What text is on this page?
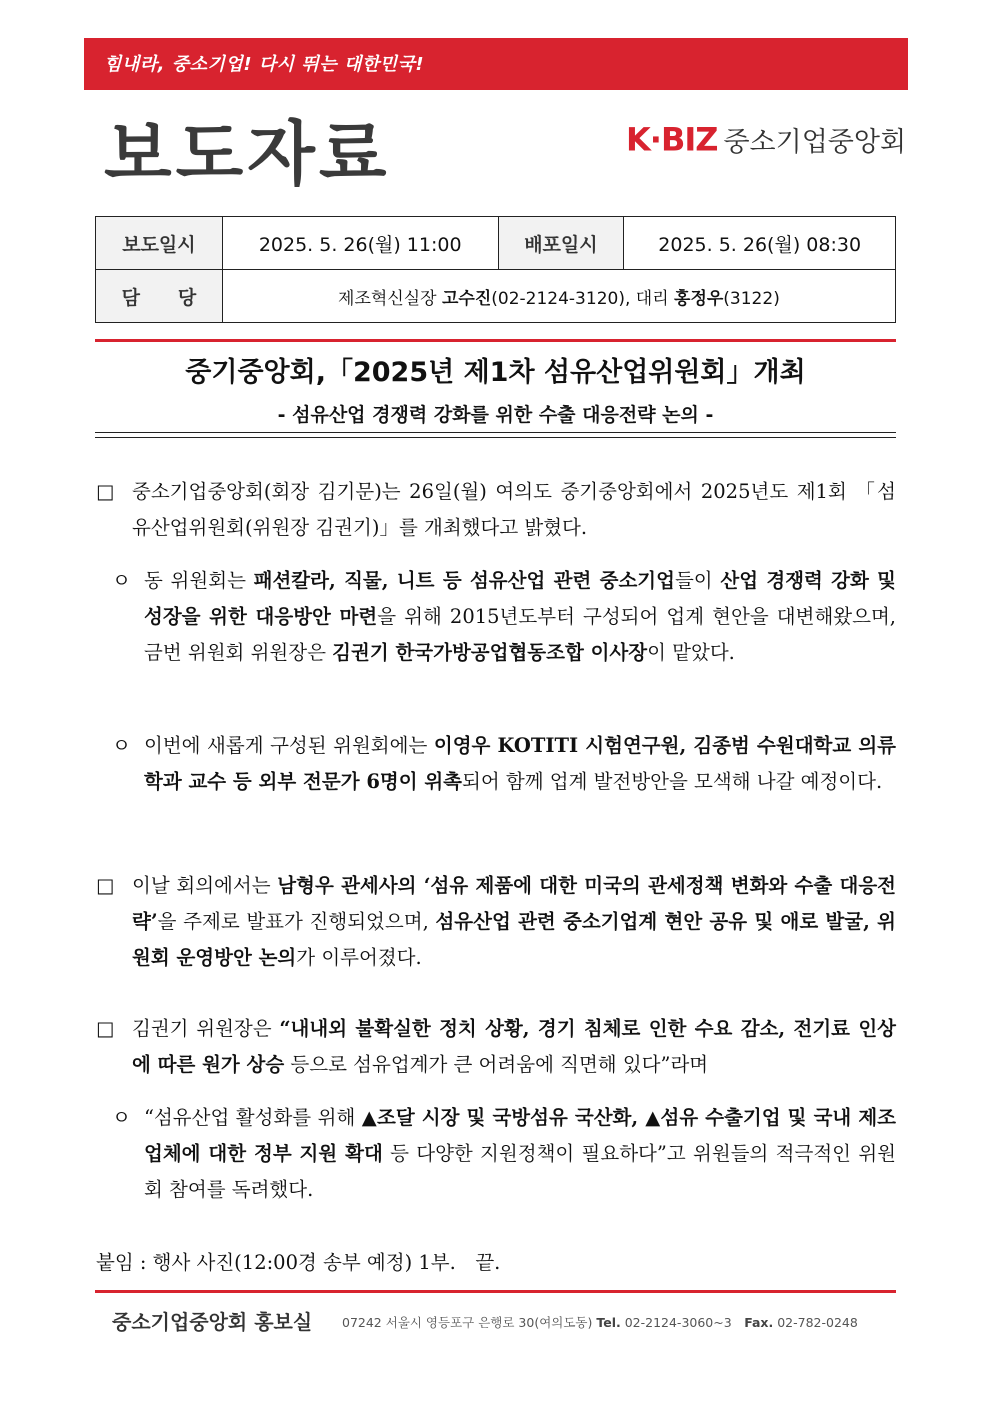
힘내라, 중소기업! 다시 뛰는 대한민국!
보도자료	K·BIZ 중소기업중앙회
보도일시	2025. 5. 26(월) 11:00	배포일시	2025. 5. 26(월) 08:30
담　　당	제조혁신실장 고수진(02-2124-3120), 대리 홍정우(3122)		
중기중앙회,「2025년 제1차 섬유산업위원회」개최
- 섬유산업 경쟁력 강화를 위한 수출 대응전략 논의 -
□ 중소기업중앙회(회장 김기문)는 26일(월) 여의도 중기중앙회에서 2025년도 제1회 「섬유산업위원회(위원장 김권기)」를 개최했다고 밝혔다.
ㅇ 동 위원회는 패션칼라, 직물, 니트 등 섬유산업 관련 중소기업들이 산업 경쟁력 강화 및 성장을 위한 대응방안 마련을 위해 2015년도부터 구성되어 업계 현안을 대변해왔으며, 금번 위원회 위원장은 김권기 한국가방공업협동조합 이사장이 맡았다.
ㅇ 이번에 새롭게 구성된 위원회에는 이영우 KOTITI 시험연구원, 김종범 수원대학교 의류학과 교수 등 외부 전문가 6명이 위촉되어 함께 업계 발전방안을 모색해 나갈 예정이다.
□ 이날 회의에서는 남형우 관세사의 ‘섬유 제품에 대한 미국의 관세정책 변화와 수출 대응전략’을 주제로 발표가 진행되었으며, 섬유산업 관련 중소기업계 현안 공유 및 애로 발굴, 위원회 운영방안 논의가 이루어졌다.
□ 김권기 위원장은 “내내외 불확실한 정치 상황, 경기 침체로 인한 수요 감소, 전기료 인상에 따른 원가 상승 등으로 섬유업계가 큰 어려움에 직면해 있다”라며
ㅇ “섬유산업 활성화를 위해 ▲조달 시장 및 국방섬유 국산화, ▲섬유 수출기업 및 국내 제조업체에 대한 정부 지원 확대 등 다양한 지원정책이 필요하다”고 위원들의 적극적인 위원회 참여를 독려했다.
붙임 : 행사 사진(12:00경 송부 예정) 1부.　끝.
중소기업중앙회 홍보실 07242 서울시 영등포구 은행로 30(여의도동) Tel. 02-2124-3060~3　Fax. 02-782-0248
